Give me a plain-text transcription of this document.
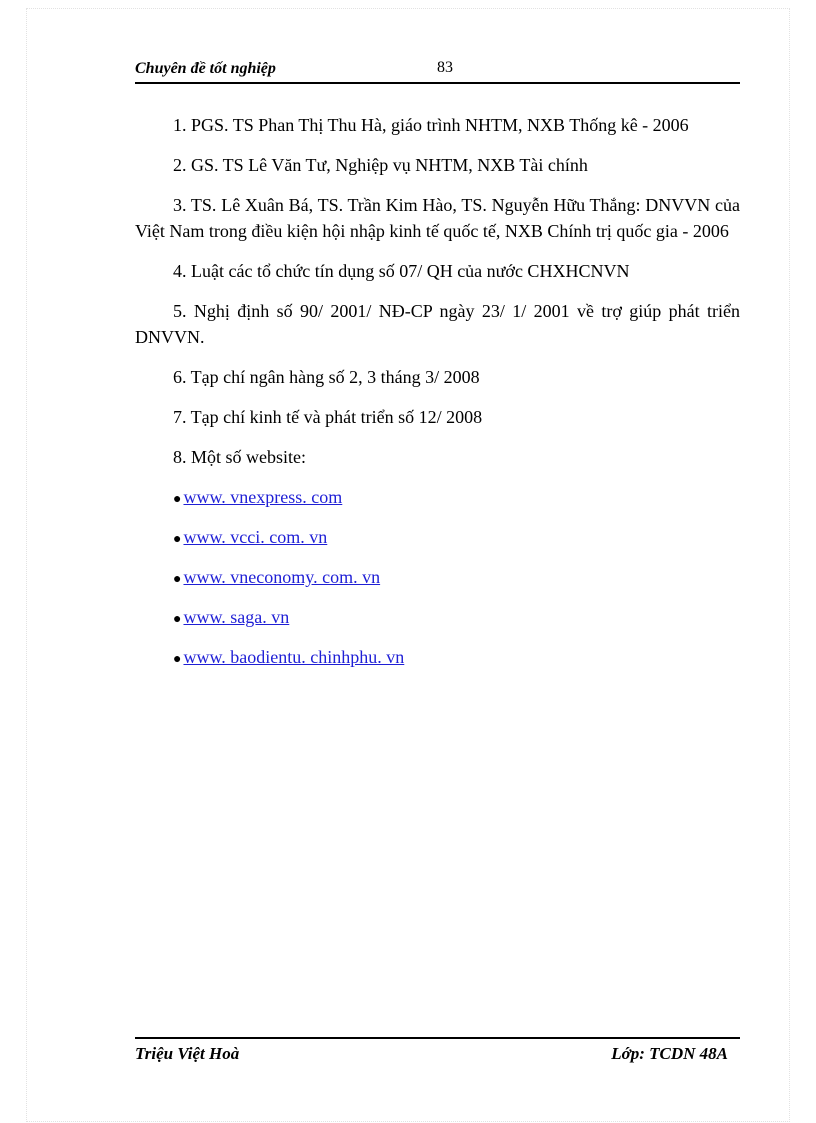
Chuyên đề tốt nghiệp	83

1. PGS. TS Phan Thị Thu Hà, giáo trình NHTM, NXB Thống kê - 2006

2. GS. TS Lê Văn Tư, Nghiệp vụ NHTM, NXB Tài chính

3. TS. Lê Xuân Bá, TS. Trần Kim Hào, TS. Nguyễn Hữu Thắng: DNVVN của Việt Nam trong điều kiện hội nhập kinh tế quốc tế, NXB Chính trị quốc gia - 2006

4. Luật các tổ chức tín dụng số 07/ QH của nước CHXHCNVN

5. Nghị định số 90/ 2001/ NĐ-CP ngày 23/ 1/ 2001 về trợ giúp phát triển DNVVN.

6. Tạp chí ngân hàng số 2, 3 tháng 3/ 2008

7. Tạp chí kinh tế và phát triển số 12/ 2008

8. Một số website:

● www. vnexpress. com
● www. vcci. com. vn
● www. vneconomy. com. vn
● www. saga. vn
● www. baodientu. chinhphu. vn
Triệu Việt Hoà	Lớp: TCDN 48A
